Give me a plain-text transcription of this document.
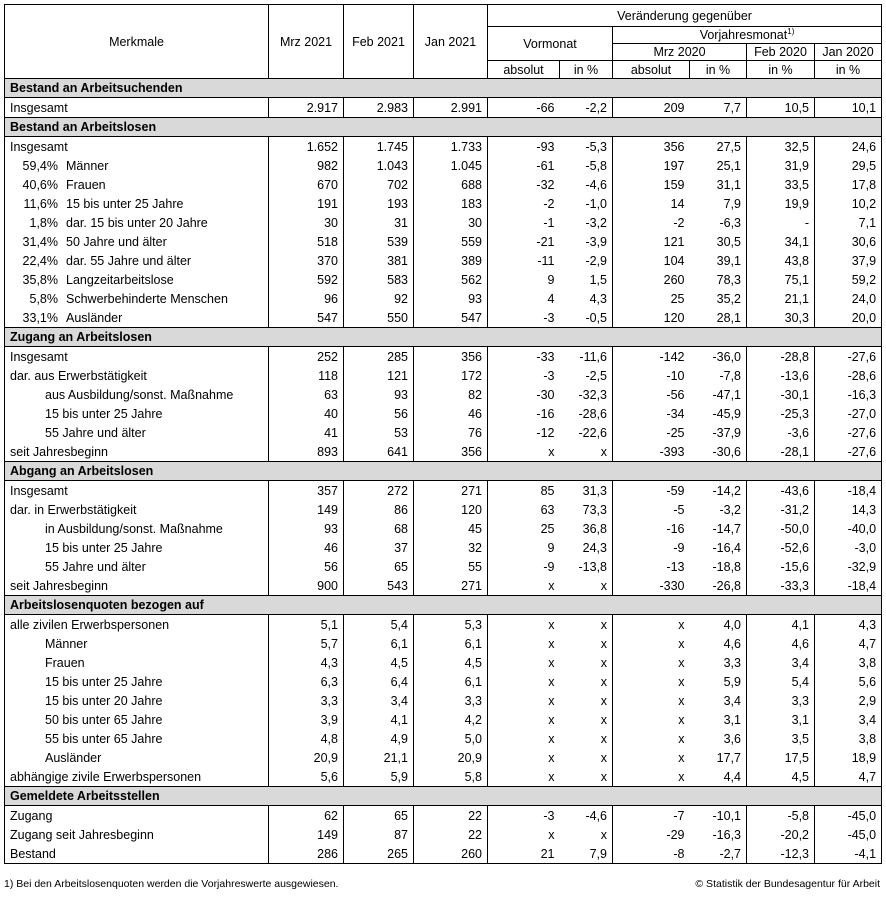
Merkmale	Mrz 2021	Feb 2021	Jan 2021	Veränderung gegenüber					
				Vormonat		Vorjahresmonat$^{1)}$
						Mrz 2020		Feb 2020	Jan 2020
				absolut	in %	absolut	in %	in %	in %
Bestand an Arbeitsuchenden									
Insgesamt	2.917	2.983	2.991	-66	-2,2	209	7,7	10,5	10,1
Bestand an Arbeitslosen									
Insgesamt	1.652	1.745	1.733	-93	-5,3	356	27,5	32,5	24,6
59,4% Männer	982	1.043	1.045	-61	-5,8	197	25,1	31,9	29,5
40,6% Frauen	670	702	688	-32	-4,6	159	31,1	33,5	17,8
11,6% 15 bis unter 25 Jahre	191	193	183	-2	-1,0	14	7,9	19,9	10,2
1,8% dar. 15 bis unter 20 Jahre	30	31	30	-1	-3,2	-2	-6,3	-	7,1
31,4% 50 Jahre und älter	518	539	559	-21	-3,9	121	30,5	34,1	30,6
22,4% dar. 55 Jahre und älter	370	381	389	-11	-2,9	104	39,1	43,8	37,9
35,8% Langzeitarbeitslose	592	583	562	9	1,5	260	78,3	75,1	59,2
5,8% Schwerbehinderte Menschen	96	92	93	4	4,3	25	35,2	21,1	24,0
33,1% Ausländer	547	550	547	-3	-0,5	120	28,1	30,3	20,0
Zugang an Arbeitslosen									
Insgesamt	252	285	356	-33	-11,6	-142	-36,0	-28,8	-27,6
dar. aus Erwerbstätigkeit	118	121	172	-3	-2,5	-10	-7,8	-13,6	-28,6
aus Ausbildung/sonst. Maßnahme	63	93	82	-30	-32,3	-56	-47,1	-30,1	-16,3
15 bis unter 25 Jahre	40	56	46	-16	-28,6	-34	-45,9	-25,3	-27,0
55 Jahre und älter	41	53	76	-12	-22,6	-25	-37,9	-3,6	-27,6
seit Jahresbeginn	893	641	356	x	x	-393	-30,6	-28,1	-27,6
Abgang an Arbeitslosen									
Insgesamt	357	272	271	85	31,3	-59	-14,2	-43,6	-18,4
dar. in Erwerbstätigkeit	149	86	120	63	73,3	-5	-3,2	-31,2	14,3
in Ausbildung/sonst. Maßnahme	93	68	45	25	36,8	-16	-14,7	-50,0	-40,0
15 bis unter 25 Jahre	46	37	32	9	24,3	-9	-16,4	-52,6	-3,0
55 Jahre und älter	56	65	55	-9	-13,8	-13	-18,8	-15,6	-32,9
seit Jahresbeginn	900	543	271	x	x	-330	-26,8	-33,3	-18,4
Arbeitslosenquoten bezogen auf									
alle zivilen Erwerbspersonen	5,1	5,4	5,3	x	x	x	4,0	4,1	4,3
Männer	5,7	6,1	6,1	x	x	x	4,6	4,6	4,7
Frauen	4,3	4,5	4,5	x	x	x	3,3	3,4	3,8
15 bis unter 25 Jahre	6,3	6,4	6,1	x	x	x	5,9	5,4	5,6
15 bis unter 20 Jahre	3,3	3,4	3,3	x	x	x	3,4	3,3	2,9
50 bis unter 65 Jahre	3,9	4,1	4,2	x	x	x	3,1	3,1	3,4
55 bis unter 65 Jahre	4,8	4,9	5,0	x	x	x	3,6	3,5	3,8
Ausländer	20,9	21,1	20,9	x	x	x	17,7	17,5	18,9
abhängige zivile Erwerbspersonen	5,6	5,9	5,8	x	x	x	4,4	4,5	4,7
Gemeldete Arbeitsstellen									
Zugang	62	65	22	-3	-4,6	-7	-10,1	-5,8	-45,0
Zugang seit Jahresbeginn	149	87	22	x	x	-29	-16,3	-20,2	-45,0
Bestand	286	265	260	21	7,9	-8	-2,7	-12,3	-4,1
1) Bei den Arbeitslosenquoten werden die Vorjahreswerte ausgewiesen.	© Statistik der Bundesagentur für Arbeit
